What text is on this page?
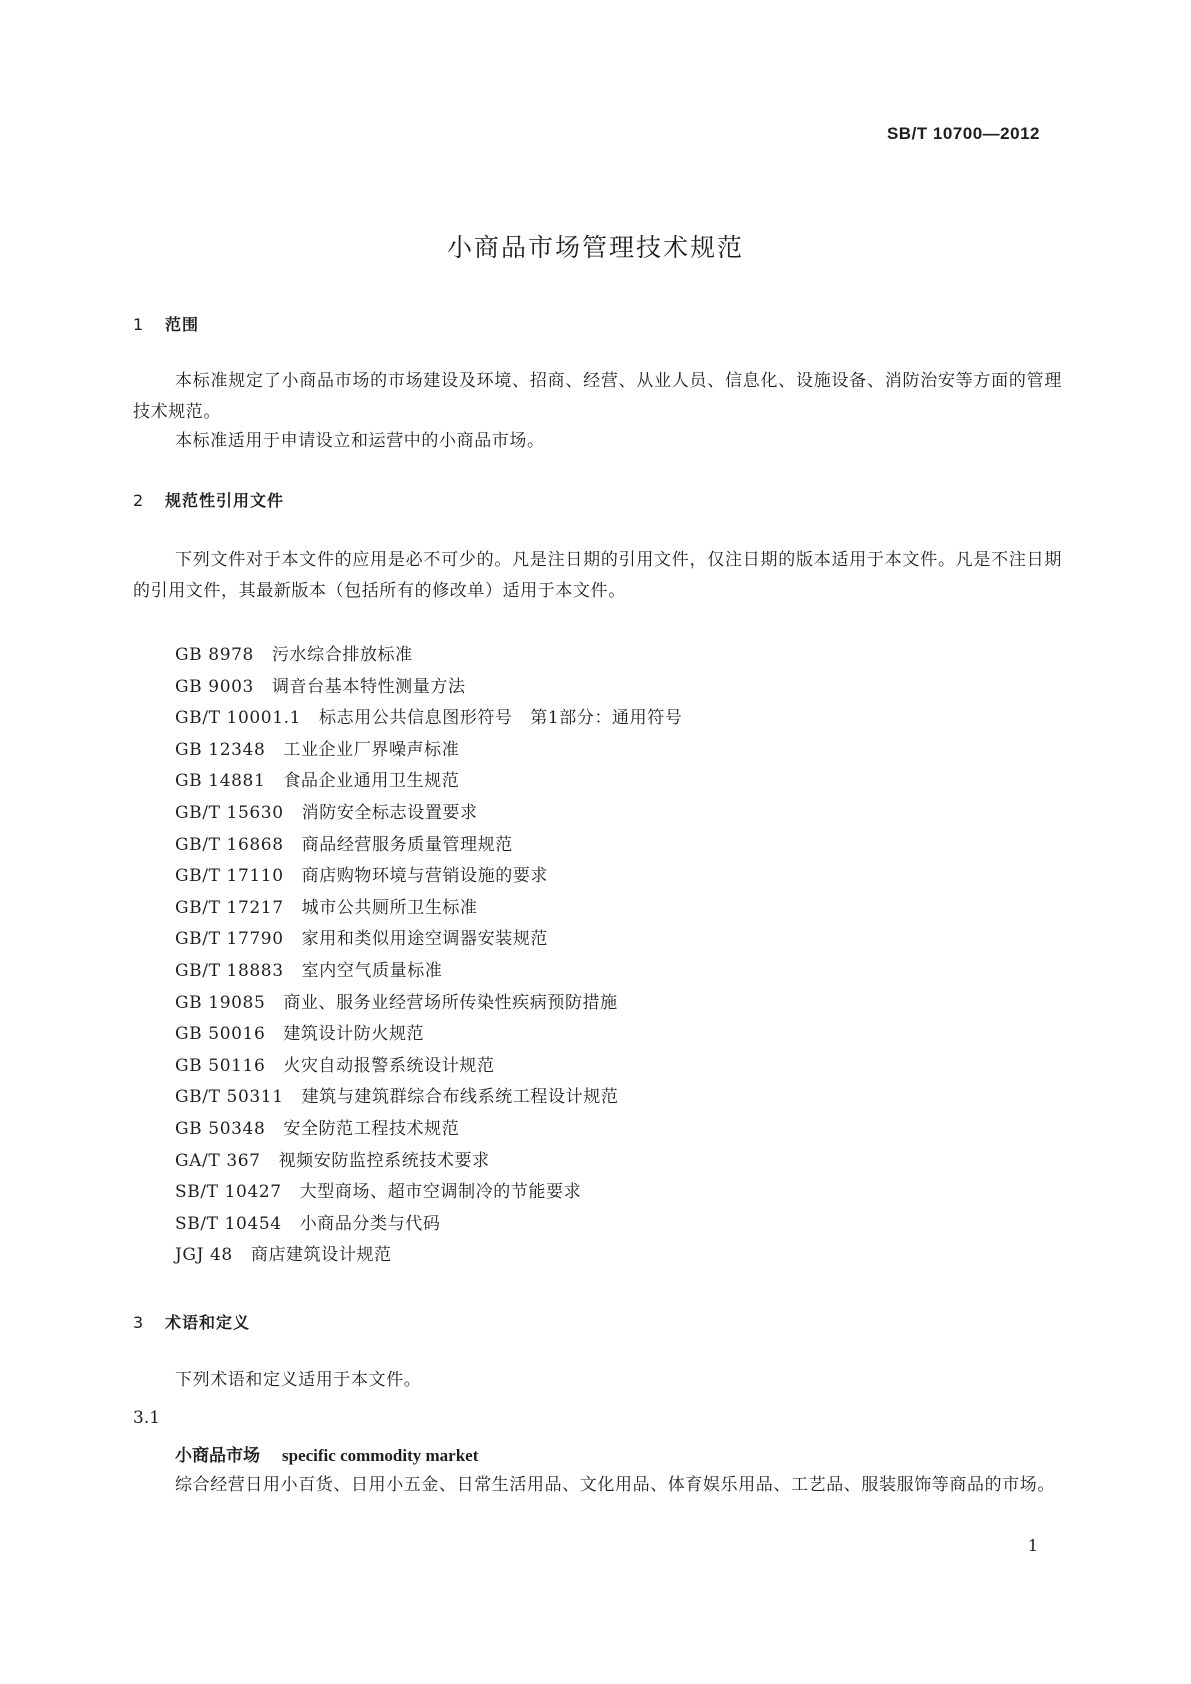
SB/T 10700—2012
小商品市场管理技术规范
1 范围

本标准规定了小商品市场的市场建设及环境、招商、经营、从业人员、信息化、设施设备、消防治安等方面的管理技术规范。

本标准适用于申请设立和运营中的小商品市场。

2 规范性引用文件

下列文件对于本文件的应用是必不可少的。凡是注日期的引用文件，仅注日期的版本适用于本文件。凡是不注日期的引用文件，其最新版本（包括所有的修改单）适用于本文件。

GB 8978 污水综合排放标准
GB 9003 调音台基本特性测量方法
GB/T 10001.1 标志用公共信息图形符号　第1部分：通用符号
GB 12348 工业企业厂界噪声标准
GB 14881 食品企业通用卫生规范
GB/T 15630 消防安全标志设置要求
GB/T 16868 商品经营服务质量管理规范
GB/T 17110 商店购物环境与营销设施的要求
GB/T 17217 城市公共厕所卫生标准
GB/T 17790 家用和类似用途空调器安装规范
GB/T 18883 室内空气质量标准
GB 19085 商业、服务业经营场所传染性疾病预防措施
GB 50016 建筑设计防火规范
GB 50116 火灾自动报警系统设计规范
GB/T 50311 建筑与建筑群综合布线系统工程设计规范
GB 50348 安全防范工程技术规范
GA/T 367 视频安防监控系统技术要求
SB/T 10427 大型商场、超市空调制冷的节能要求
SB/T 10454 小商品分类与代码
JGJ 48 商店建筑设计规范
3 术语和定义

下列术语和定义适用于本文件。

3.1
小商品市场 specific commodity market

综合经营日用小百货、日用小五金、日常生活用品、文化用品、体育娱乐用品、工艺品、服装服饰等商品的市场。

1
